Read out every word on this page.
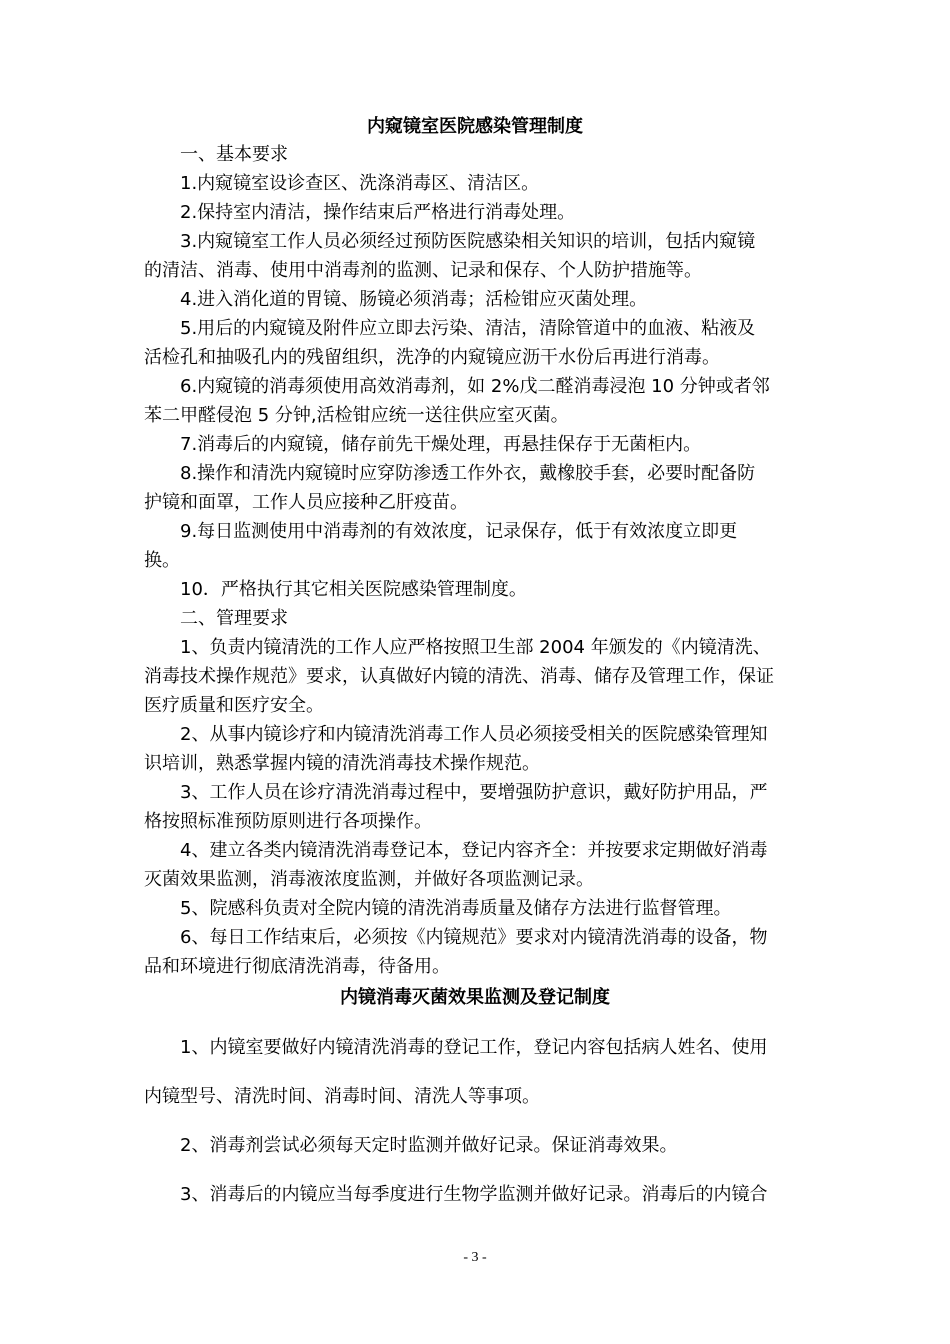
内窥镜室医院感染管理制度
一、基本要求
1.内窥镜室设诊查区、洗涤消毒区、清洁区。
2.保持室内清洁，操作结束后严格进行消毒处理。
3.内窥镜室工作人员必须经过预防医院感染相关知识的培训，包括内窥镜
的清洁、消毒、使用中消毒剂的监测、记录和保存、个人防护措施等。
4.进入消化道的胃镜、肠镜必须消毒；活检钳应灭菌处理。
5.用后的内窥镜及附件应立即去污染、清洁，清除管道中的血液、粘液及
活检孔和抽吸孔内的残留组织，洗净的内窥镜应沥干水份后再进行消毒。
6.内窥镜的消毒须使用高效消毒剂，如 2%戊二醛消毒浸泡 10 分钟或者邻
苯二甲醛侵泡 5 分钟,活检钳应统一送往供应室灭菌。
7.消毒后的内窥镜，储存前先干燥处理，再悬挂保存于无菌柜内。
8.操作和清洗内窥镜时应穿防渗透工作外衣，戴橡胶手套，必要时配备防
护镜和面罩，工作人员应接种乙肝疫苗。
9.每日监测使用中消毒剂的有效浓度，记录保存，低于有效浓度立即更
换。
10．严格执行其它相关医院感染管理制度。
二、管理要求
1、负责内镜清洗的工作人应严格按照卫生部 2004 年颁发的《内镜清洗、
消毒技术操作规范》要求，认真做好内镜的清洗、消毒、储存及管理工作，保证
医疗质量和医疗安全。
2、从事内镜诊疗和内镜清洗消毒工作人员必须接受相关的医院感染管理知
识培训，熟悉掌握内镜的清洗消毒技术操作规范。
3、工作人员在诊疗清洗消毒过程中，要增强防护意识，戴好防护用品，严
格按照标准预防原则进行各项操作。
4、建立各类内镜清洗消毒登记本，登记内容齐全：并按要求定期做好消毒
灭菌效果监测，消毒液浓度监测，并做好各项监测记录。
5、院感科负责对全院内镜的清洗消毒质量及储存方法进行监督管理。
6、每日工作结束后，必须按《内镜规范》要求对内镜清洗消毒的设备，物
品和环境进行彻底清洗消毒，待备用。
内镜消毒灭菌效果监测及登记制度
1、内镜室要做好内镜清洗消毒的登记工作，登记内容包括病人姓名、使用
内镜型号、清洗时间、消毒时间、清洗人等事项。
2、消毒剂尝试必须每天定时监测并做好记录。保证消毒效果。
3、消毒后的内镜应当每季度进行生物学监测并做好记录。消毒后的内镜合
- 3 -
